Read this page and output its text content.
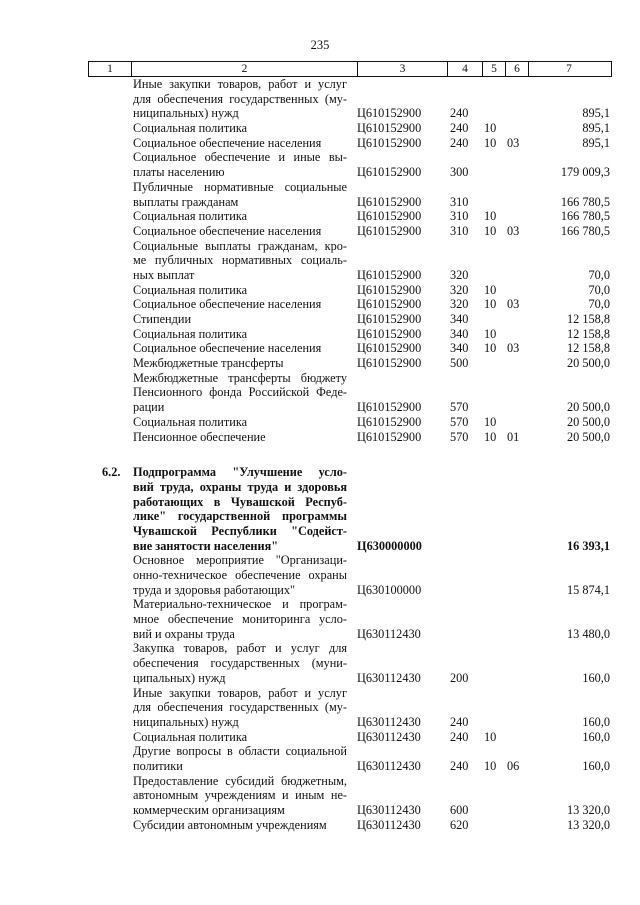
235
1	2	3	4	5	6	7
Иные закупки товаров, работ и услуг
для обеспечения государственных (му-
ниципальных) нужд	Ц610152900 240	895,1
Социальная политика	Ц610152900 240 10	895,1
Социальное обеспечение населения	Ц610152900 240 10 03	895,1
Социальное обеспечение и иные вы-
платы населению	Ц610152900 300	179 009,3
Публичные нормативные социальные
выплаты гражданам	Ц610152900 310	166 780,5
Социальная политика	Ц610152900 310 10	166 780,5
Социальное обеспечение населения	Ц610152900 310 10 03	166 780,5
Социальные выплаты гражданам, кро-
ме публичных нормативных социаль-
ных выплат	Ц610152900 320	70,0
Социальная политика	Ц610152900 320 10	70,0
Социальное обеспечение населения	Ц610152900 320 10 03	70,0
Стипендии	Ц610152900 340	12 158,8
Социальная политика	Ц610152900 340 10	12 158,8
Социальное обеспечение населения	Ц610152900 340 10 03	12 158,8
Межбюджетные трансферты	Ц610152900 500	20 500,0
Межбюджетные трансферты бюджету
Пенсионного фонда Российской Феде-
рации	Ц610152900 570	20 500,0
Социальная политика	Ц610152900 570 10	20 500,0
Пенсионное обеспечение	Ц610152900 570 10 01	20 500,0
6.2. Подпрограмма "Улучшение усло-
вий труда, охраны труда и здоровья
работающих в Чувашской Респуб-
лике" государственной программы
Чувашской Республики "Содейст-
вие занятости населения"	Ц630000000	16 393,1
Основное мероприятие "Организаци-
онно-техническое обеспечение охраны
труда и здоровья работающих"	Ц630100000	15 874,1
Материально-техническое и програм-
мное обеспечение мониторинга усло-
вий и охраны труда	Ц630112430	13 480,0
Закупка товаров, работ и услуг для
обеспечения государственных (муни-
ципальных) нужд	Ц630112430 200	160,0
Иные закупки товаров, работ и услуг
для обеспечения государственных (му-
ниципальных) нужд	Ц630112430 240	160,0
Социальная политика	Ц630112430 240 10	160,0
Другие вопросы в области социальной
политики	Ц630112430 240 10 06	160,0
Предоставление субсидий бюджетным,
автономным учреждениям и иным не-
коммерческим организациям	Ц630112430 600	13 320,0
Субсидии автономным учреждениям	Ц630112430 620	13 320,0
